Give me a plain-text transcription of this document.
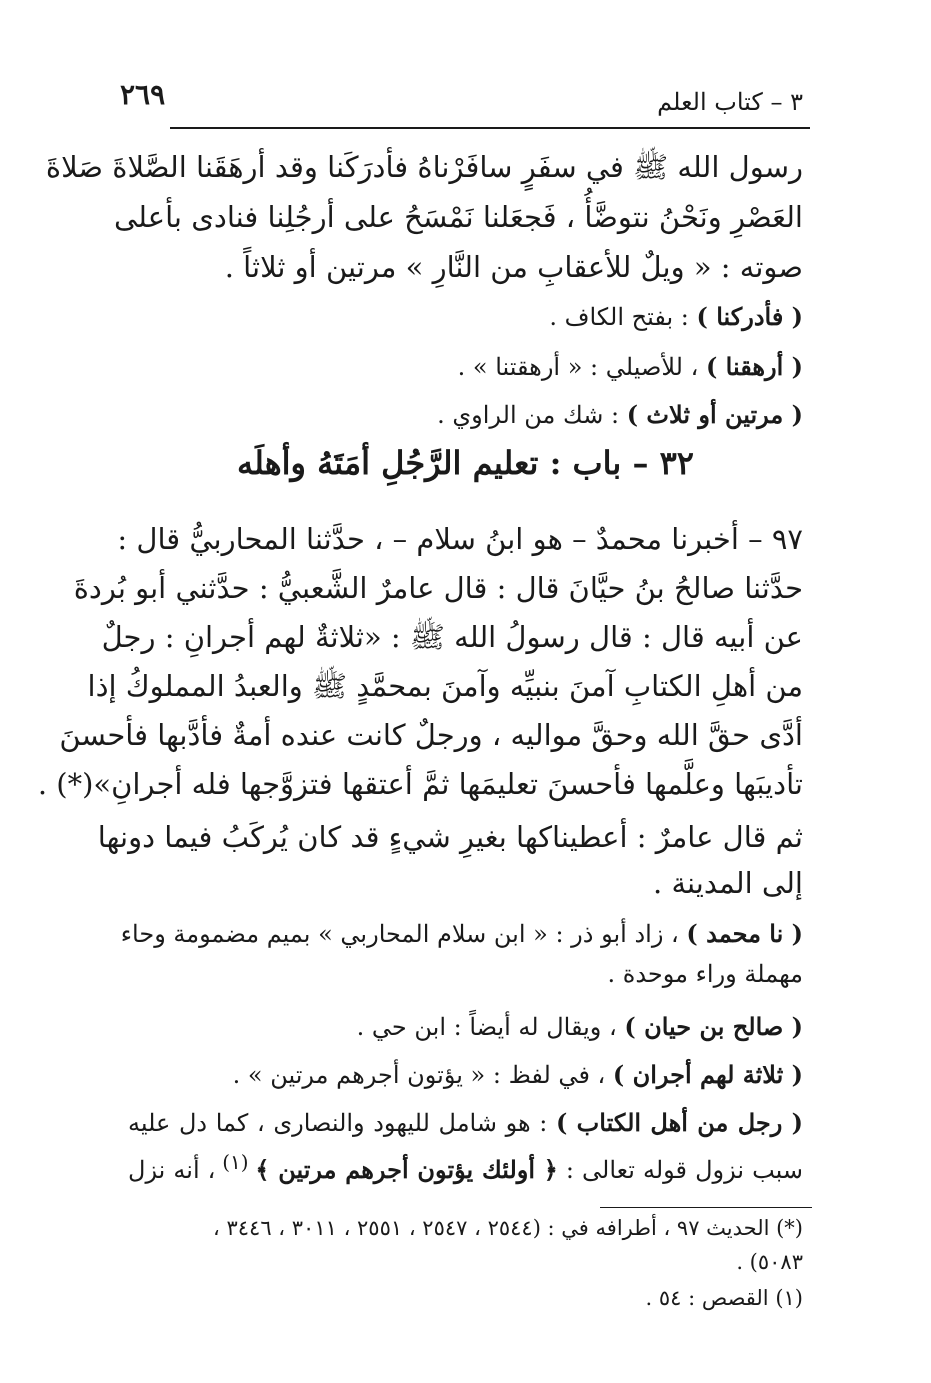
٢٦٩	٣ – كتاب العلم
رسول الله ﷺ في سفَرٍ سافَرْناهُ فأدرَكَنا وقد أرهَقَنا الصَّلاةَ صَلاةَ
العَصْرِ ونَحْنُ نتوضَّأُ ، فَجعَلنا نَمْسَحُ على أرجُلِنا فنادى بأعلى
صوته : « ويلٌ للأعقابِ من النَّارِ » مرتين أو ثلاثاً .
( فأدركنا ) : بفتح الكاف .
( أرهقنا ) ، للأصيلي : « أرهقتنا » .
( مرتين أو ثلاث ) : شك من الراوي .
٣٢ – باب : تعليم الرَّجُلِ أمَتَهُ وأهلَه
٩٧ – أخبرنا محمدٌ – هو ابنُ سلام – ، حدَّثنا المحاربيُّ قال :
حدَّثنا صالحُ بنُ حيَّانَ قال : قال عامرٌ الشَّعبيُّ : حدَّثني أبو بُردةَ
عن أبيه قال : قال رسولُ الله ﷺ : «ثلاثةٌ لهم أجرانِ : رجلٌ
من أهلِ الكتابِ آمنَ بنبيِّه وآمنَ بمحمَّدٍ ﷺ والعبدُ المملوكُ إذا
أدَّى حقَّ الله وحقَّ مواليه ، ورجلٌ كانت عنده أمةٌ فأدَّبها فأحسنَ
تأديبَها وعلَّمها فأحسنَ تعليمَها ثمَّ أعتقها فتزوَّجها فله أجرانِ»(*) .
ثم قال عامرٌ : أعطيناكها بغيرِ شيءٍ قد كان يُركَبُ فيما دونها
إلى المدينة .
( نا محمد ) ، زاد أبو ذر : « ابن سلام المحاربي » بميم مضمومة وحاء
مهملة وراء موحدة .
( صالح بن حيان ) ، ويقال له أيضاً : ابن حي .
( ثلاثة لهم أجران ) ، في لفظ : « يؤتون أجرهم مرتين » .
( رجل من أهل الكتاب ) : هو شامل لليهود والنصارى ، كما دل عليه
سبب نزول قوله تعالى : ﴿ أولئك يؤتون أجرهم مرتين ﴾ $^{(١)}$ ، أنه نزل
(*) الحديث ٩٧ ، أطرافه في : (٢٥٤٤ ، ٢٥٤٧ ، ٢٥٥١ ، ٣٠١١ ، ٣٤٤٦ ،
٥٠٨٣) .
(١) القصص : ٥٤ .
